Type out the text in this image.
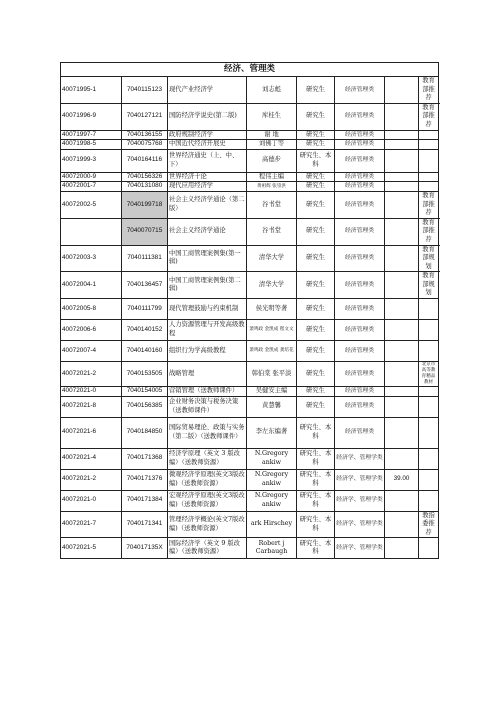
经济、管理类							
40071995-1	7040115123	现代产业经济学	刘志彪	研究生	经济管理类		教育部推荐
40071996-9	7040127121	国防经济学说史(第二版)	库桂生	研究生	经济管理类		教育部推荐
40071997-7	7040136155	政府规制经济学	谢 地	研究生	经济管理类		
40071998-5	7040075768	中国近代经济开展史	刘佛丁等	研究生	经济管理类		
40071999-3	7040164116	世界经济通史（上、中、下）	高德步	研究生、本科	经济管理类		
40072000-9	7040156326	世界经济十论	程伟主编	研究生	经济管理类		
40072001-7	7040131080	现代应用经济学	黄祖辉 张崇洪	研究生	经济管理类		
40072002-5	7040199718	社会主义经济学通论（第二版）	谷书堂	研究生	经济管理类		教育部推荐
	7040070715	社会主义经济学通论	谷书堂	研究生	经济管理类		教育部推荐
40072003-3	7040111381	中国工商管理案例集(第一辑)	清华大学	研究生	经济管理类		教育部规划
40072004-1	7040136457	中国工商管理案例集(第二辑)	清华大学	研究生	经济管理类		教育部规划
40072005-8	7040111799	现代管理鼓励与约束机制	侯光明等著	研究生	经济管理类		
40072006-6	7040140152	人力资源管理与开发高级教程	萧鸣政 金凯成 程文文	研究生	经济管理类		
40072007-4	7040140160	组织行为学高级教程	萧鸣政 金凯成 龚培花	研究生	经济管理类		
40072021-2	7040153505	战略管理	韩伯棠 张平淡	研究生	经济管理类		北京市高等教育精品教材
40072021-0	7040154005	营销管理（送教师课件）	吴健安主编	研究生	经济管理类		
40072021-8	7040156385	企业财务决策与税务决策（送教师课件）	黄慧馨	研究生	经济管理类		
40072021-6	7040184850	国际贸易理论、政策与实务（第二版）（送教师课件）	李左东编著	研究生、本科	经济管理类		
40072021-4	7040171368	经济学原理（英文 3 版改编）（送教师资源）	N.Gregory ankiw	研究生、本科	经济学、管理学类		
40072021-2	7040171376	微观经济学原理(英文3版改编)（送教师资源）	N.Gregory ankiw	研究生、本科	经济学、管理学类	39.00	
40072021-0	7040171384	宏观经济学原理(英文3版改编)（送教师资源）	N.Gregory ankiw	研究生、本科	经济学、管理学类		
40072021-7	7040171341	管理经济学概论(英文7版改编)（送教师资源）	ark Hirschey	研究生、本科	经济学、管理学类		教指委推荐
40072021-5	704017135X	国际经济学（英文 9 版改编）（送教师资源）	Robert j Carbaugh	研究生、本科	经济学、管理学类		
